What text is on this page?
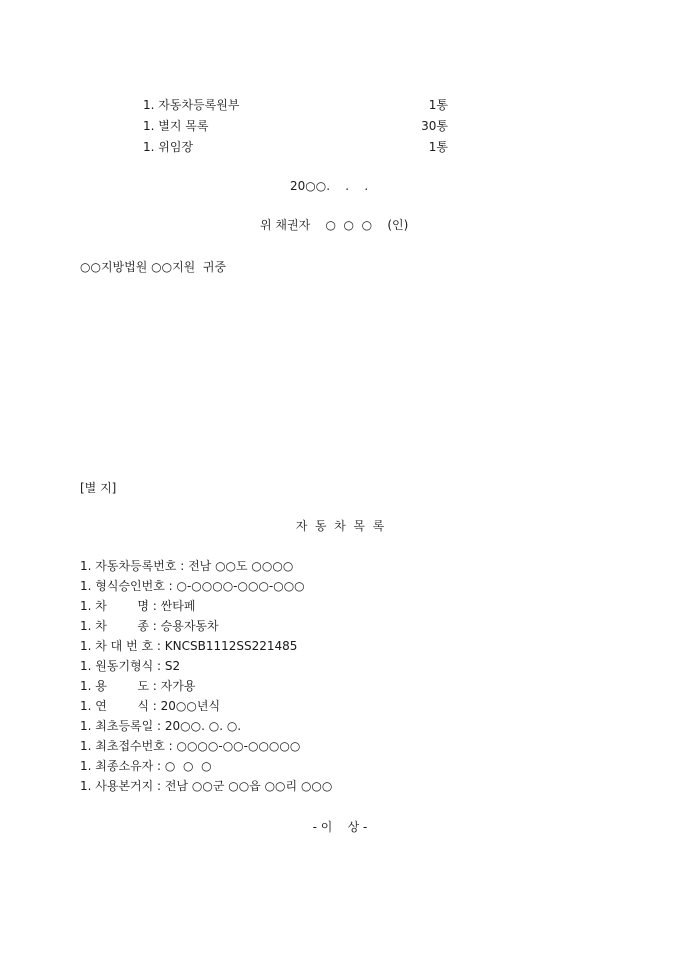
1. 자동차등록원부	1통
1. 별지 목록	30통
1. 위임장	1통
20○○.    .    .
위 채권자    ○  ○  ○    (인)
○○지방법원 ○○지원  귀중
[별 지]
자  동  차  목  록
1. 자동차등록번호 : 전남 ○○도 ○○○○
1. 형식승인번호 : ○-○○○○-○○○-○○○
1. 차        명 : 싼타페
1. 차        종 : 승용자동차
1. 차 대 번 호 : KNCSB1112SS221485
1. 원동기형식 : S2
1. 용        도 : 자가용
1. 연        식 : 20○○년식
1. 최초등록일 : 20○○. ○. ○.
1. 최초접수번호 : ○○○○-○○-○○○○○
1. 최종소유자 : ○  ○  ○
1. 사용본거지 : 전남 ○○군 ○○읍 ○○리 ○○○
- 이    상 -
